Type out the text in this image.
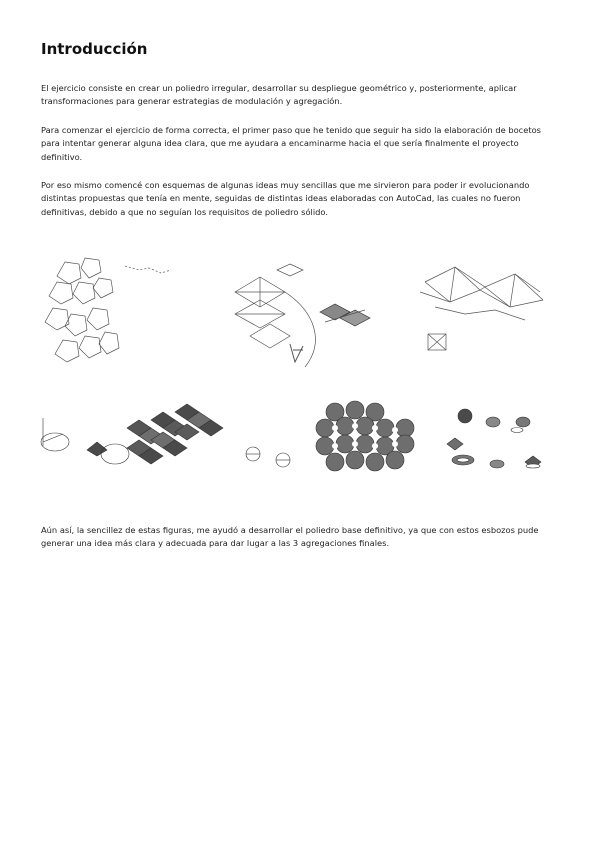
Introducción

El ejercicio consiste en crear un poliedro irregular, desarrollar su despliegue geométrico y, posteriormente, aplicar transformaciones para generar estrategias de modulación y agregación.

Para comenzar el ejercicio de forma correcta, el primer paso que he tenido que seguir ha sido la elaboración de bocetos para intentar generar alguna idea clara, que me ayudara a encaminarme hacia el que sería finalmente el proyecto definitivo.

Por eso mismo comencé con esquemas de algunas ideas muy sencillas que me sirvieron para poder ir evolucionando distintas propuestas que tenía en mente, seguidas de distintas ideas elaboradas con AutoCad, las cuales no fueron definitivas, debido a que no seguían los requisitos de poliedro sólido.

Aún así, la sencillez de estas figuras, me ayudó a desarrollar el poliedro base definitivo, ya que con estos esbozos pude generar una idea más clara y adecuada para dar lugar a las 3 agregaciones finales.
